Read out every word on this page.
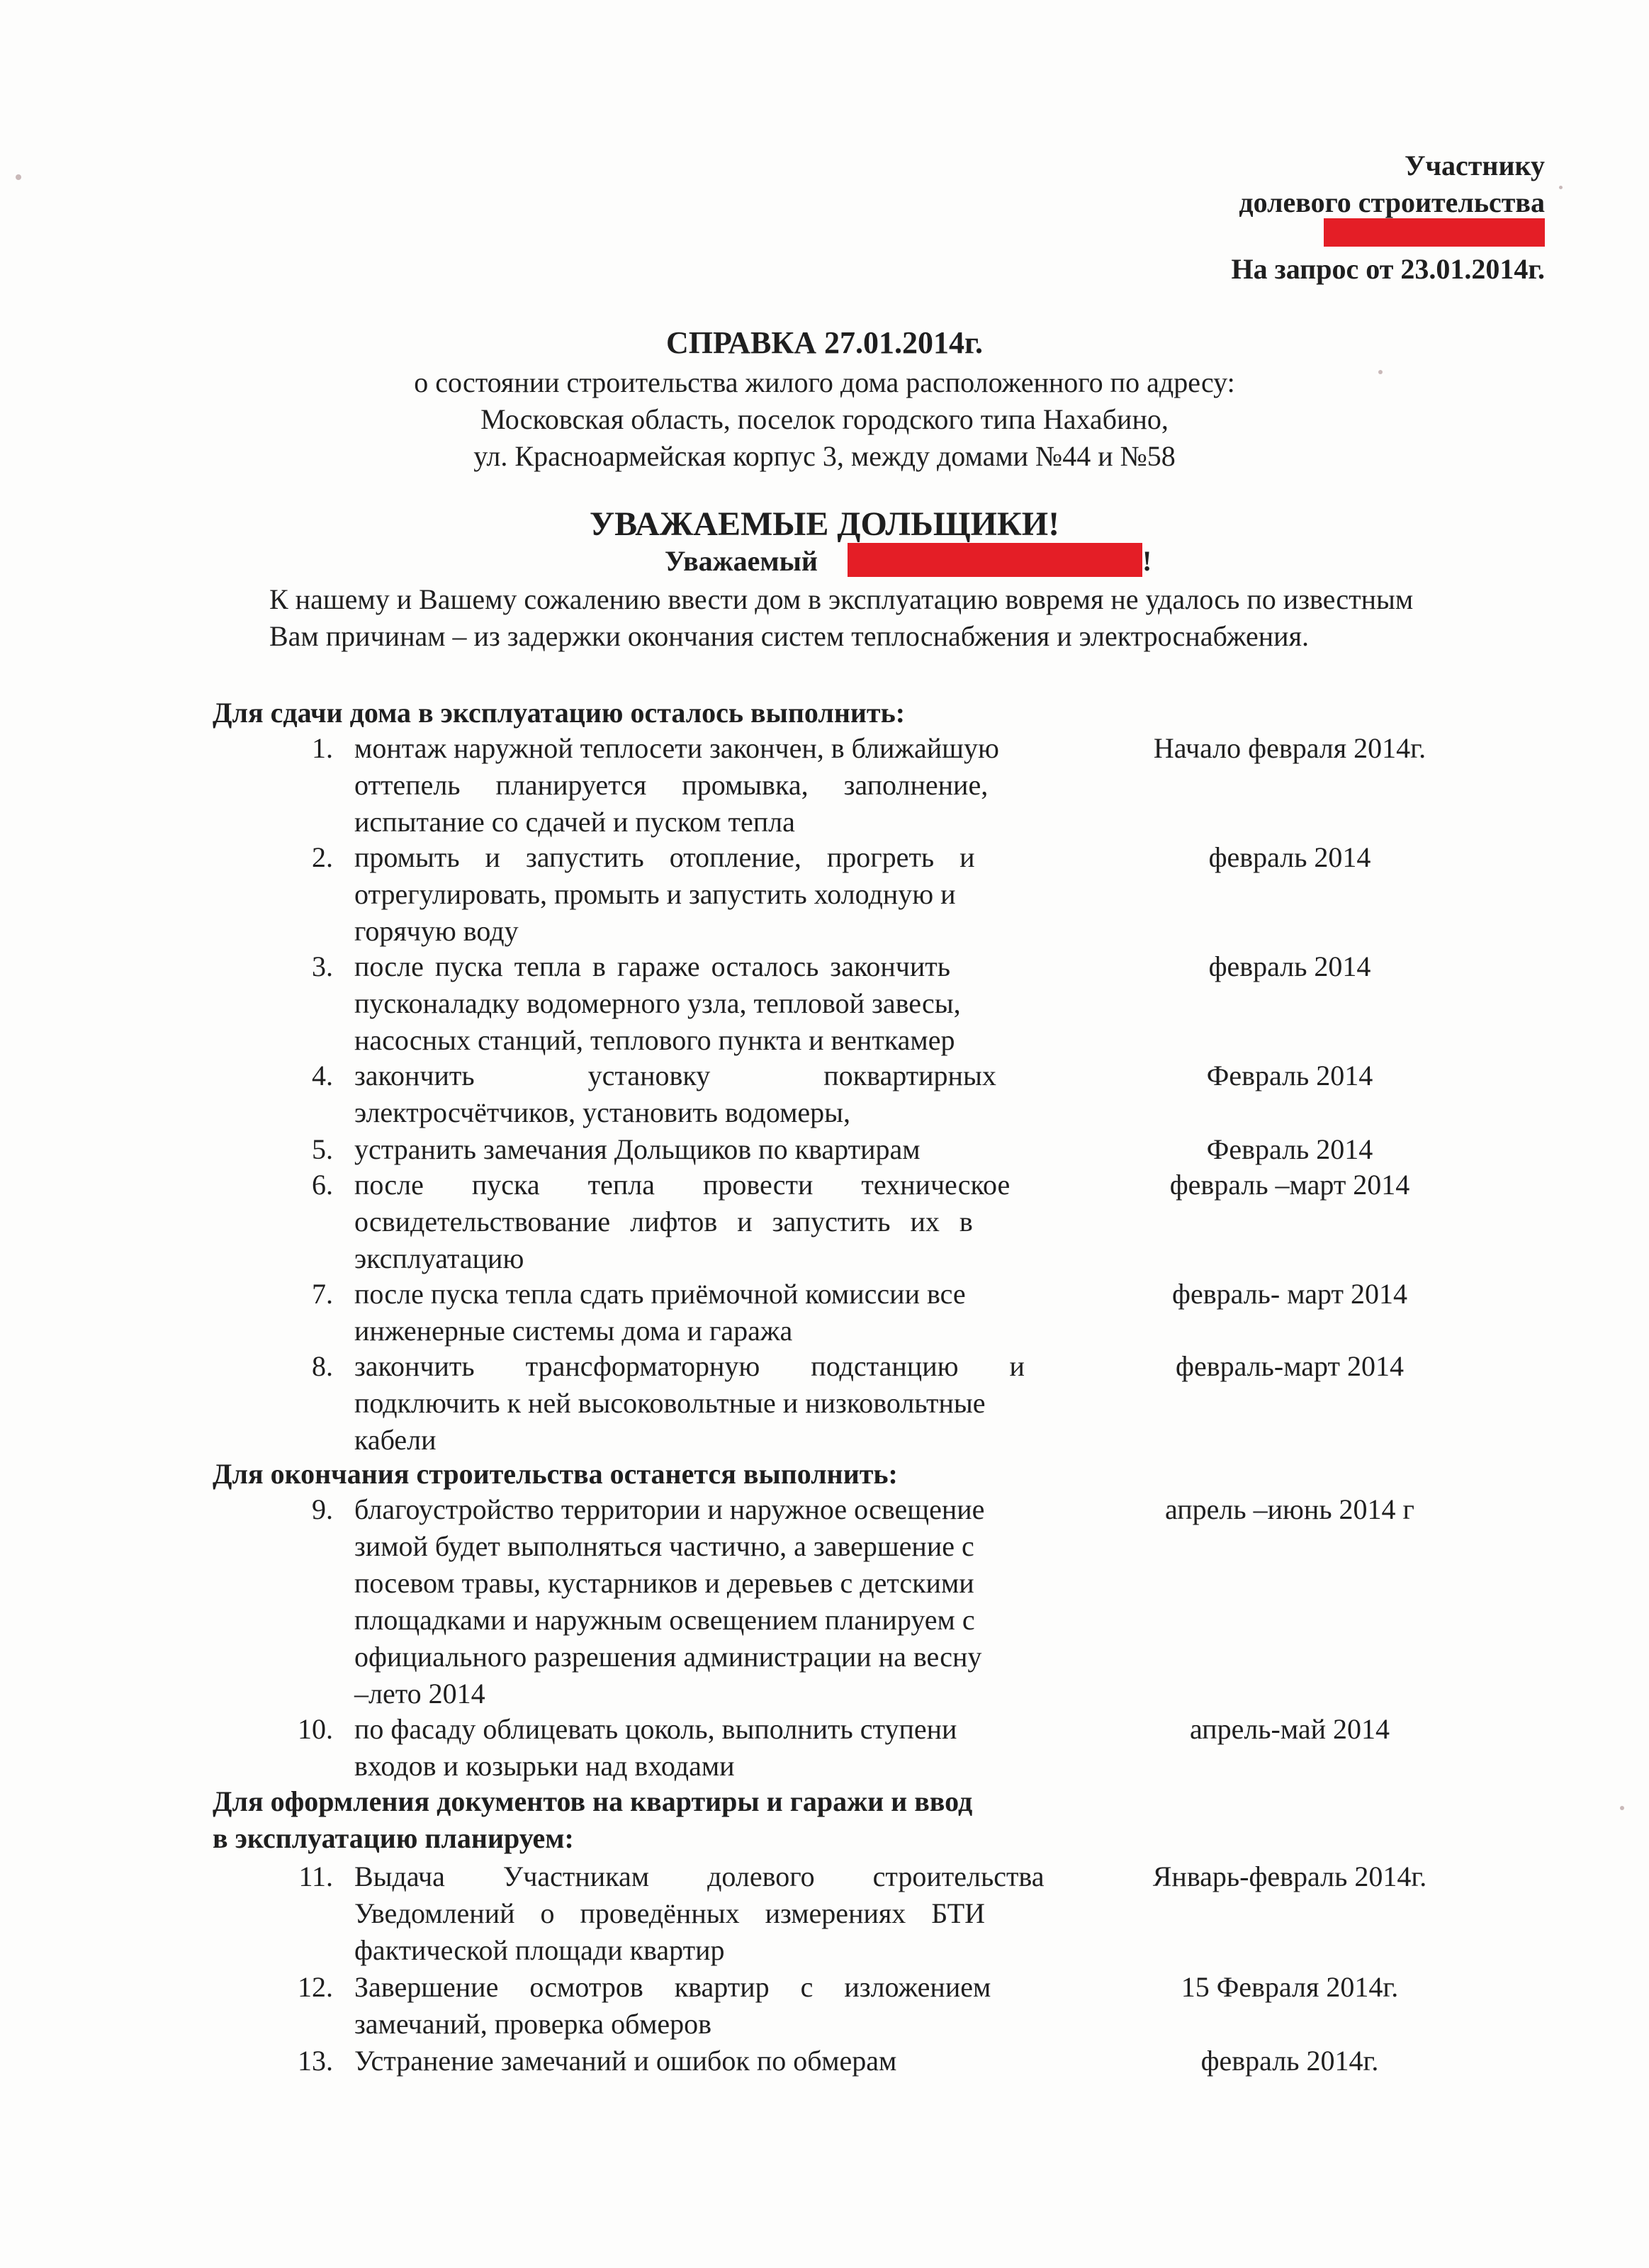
Участнику
долевого строительства
На запрос от 23.01.2014г.
СПРАВКА 27.01.2014г.
о состоянии строительства жилого дома расположенного по адресу:
Московская область, поселок городского типа Нахабино,
ул. Красноармейская корпус 3, между домами №44 и №58
УВАЖАЕМЫЕ ДОЛЬЩИКИ!
Уважаемый	!
К нашему и Вашему сожалению ввести дом в эксплуатацию вовремя не удалось по известным
Вам причинам – из задержки окончания систем теплоснабжения и электроснабжения.
Для сдачи дома в эксплуатацию осталось выполнить:
1. монтаж наружной теплосети закончен, в ближайшую
оттепель планируется промывка, заполнение,
испытание со сдачей и пуском тепла
Начало февраля 2014г.
2. промыть и запустить отопление, прогреть и
отрегулировать, промыть и запустить холодную и
горячую воду
февраль 2014
3. после пуска тепла в гараже осталось закончить
пусконаладку водомерного узла, тепловой завесы,
насосных станций, теплового пункта и венткамер
февраль 2014
4. закончить установку поквартирных
электросчётчиков, установить водомеры,
Февраль 2014
5. устранить замечания Дольщиков по квартирам	Февраль 2014
6. после пуска тепла провести техническое
освидетельствование лифтов и запустить их в
эксплуатацию
февраль –март 2014
7. после пуска тепла сдать приёмочной комиссии все
инженерные системы дома и гаража
февраль- март 2014
8. закончить трансформаторную подстанцию и
подключить к ней высоковольтные и низковольтные
кабели
февраль-март 2014
Для окончания строительства останется выполнить:
9. благоустройство территории и наружное освещение
зимой будет выполняться частично, а завершение с
посевом травы, кустарников и деревьев с детскими
площадками и наружным освещением планируем с
официального разрешения администрации на весну
–лето 2014
апрель –июнь 2014 г
10. по фасаду облицевать цоколь, выполнить ступени
входов и козырьки над входами
апрель-май 2014
Для оформления документов на квартиры и гаражи и ввод
в эксплуатацию планируем:
11. Выдача Участникам долевого строительства
Уведомлений о проведённых измерениях БТИ
фактической площади квартир
Январь-февраль 2014г.
12. Завершение осмотров квартир с изложением
замечаний, проверка обмеров
15 Февраля 2014г.
13. Устранение замечаний и ошибок по обмерам	февраль 2014г.
